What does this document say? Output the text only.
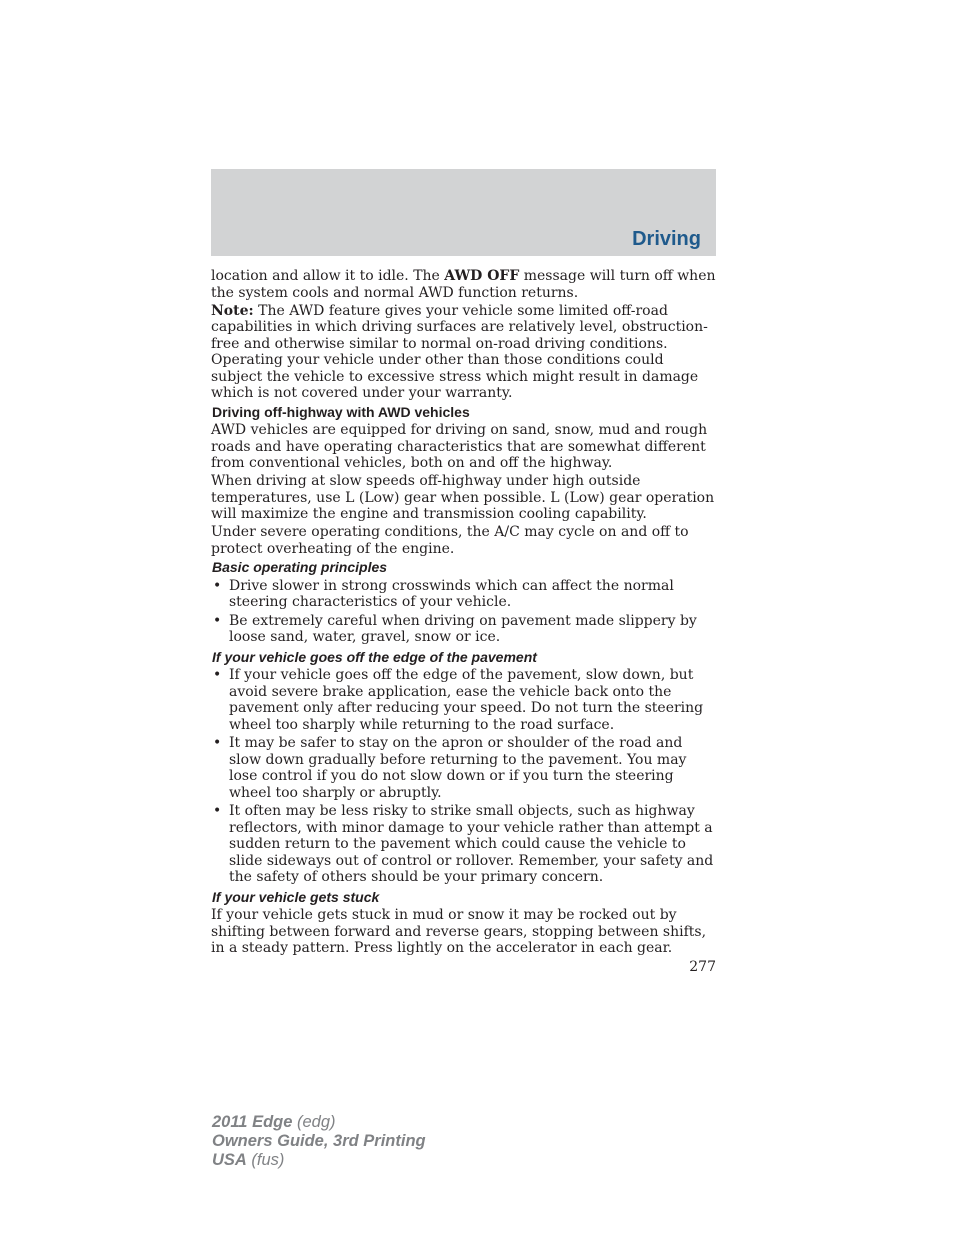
Driving

location and allow it to idle. The AWD OFF message will turn off when the system cools and normal AWD function returns.

Note: The AWD feature gives your vehicle some limited off-road capabilities in which driving surfaces are relatively level, obstruction-free and otherwise similar to normal on-road driving conditions. Operating your vehicle under other than those conditions could subject the vehicle to excessive stress which might result in damage which is not covered under your warranty.

Driving off-highway with AWD vehicles

AWD vehicles are equipped for driving on sand, snow, mud and rough roads and have operating characteristics that are somewhat different from conventional vehicles, both on and off the highway.

When driving at slow speeds off-highway under high outside temperatures, use L (Low) gear when possible. L (Low) gear operation will maximize the engine and transmission cooling capability.

Under severe operating conditions, the A/C may cycle on and off to protect overheating of the engine.

Basic operating principles
• Drive slower in strong crosswinds which can affect the normal steering characteristics of your vehicle.
• Be extremely careful when driving on pavement made slippery by loose sand, water, gravel, snow or ice.
If your vehicle goes off the edge of the pavement
• If your vehicle goes off the edge of the pavement, slow down, but avoid severe brake application, ease the vehicle back onto the pavement only after reducing your speed. Do not turn the steering wheel too sharply while returning to the road surface.
• It may be safer to stay on the apron or shoulder of the road and slow down gradually before returning to the pavement. You may lose control if you do not slow down or if you turn the steering wheel too sharply or abruptly.
• It often may be less risky to strike small objects, such as highway reflectors, with minor damage to your vehicle rather than attempt a sudden return to the pavement which could cause the vehicle to slide sideways out of control or rollover. Remember, your safety and the safety of others should be your primary concern.
If your vehicle gets stuck

If your vehicle gets stuck in mud or snow it may be rocked out by shifting between forward and reverse gears, stopping between shifts, in a steady pattern. Press lightly on the accelerator in each gear.

277
2011 Edge (edg)
Owners Guide, 3rd Printing
USA (fus)
